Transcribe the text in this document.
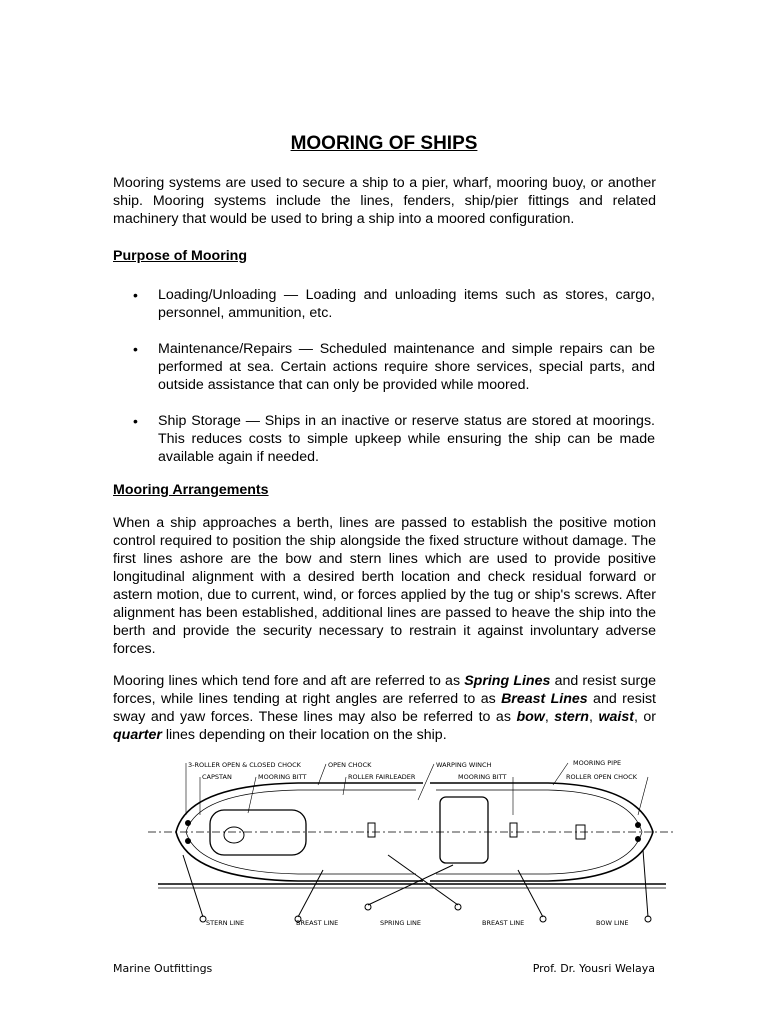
MOORING OF SHIPS

Mooring systems are used to secure a ship to a pier, wharf, mooring buoy, or another ship. Mooring systems include the lines, fenders, ship/pier fittings and related machinery that would be used to bring a ship into a moored configuration.

Purpose of Mooring

• Loading/Unloading — Loading and unloading items such as stores, cargo, personnel, ammunition, etc.

• Maintenance/Repairs — Scheduled maintenance and simple repairs can be performed at sea. Certain actions require shore services, special parts, and outside assistance that can only be provided while moored.

• Ship Storage — Ships in an inactive or reserve status are stored at moorings. This reduces costs to simple upkeep while ensuring the ship can be made available again if needed.

Mooring Arrangements

When a ship approaches a berth, lines are passed to establish the positive motion control required to position the ship alongside the fixed structure without damage. The first lines ashore are the bow and stern lines which are used to provide positive longitudinal alignment with a desired berth location and check residual forward or astern motion, due to current, wind, or forces applied by the tug or ship's screws. After alignment has been established, additional lines are passed to heave the ship into the berth and provide the security necessary to restrain it against involuntary adverse forces.

Mooring lines which tend fore and aft are referred to as Spring Lines and resist surge forces, while lines tending at right angles are referred to as Breast Lines and resist sway and yaw forces. These lines may also be referred to as bow, stern, waist, or quarter lines depending on their location on the ship.

3-ROLLER OPEN & CLOSED CHOCK
CAPSTAN	MOORING BITT
OPEN CHOCK
ROLLER FAIRLEADER
WARPING WINCH
MOORING BITT
MOORING PIPE
ROLLER OPEN CHOCK
STERN LINE	BREAST LINE	SPRING LINE	BREAST LINE	BOW LINE
Marine Outfittings	Prof. Dr. Yousri Welaya
